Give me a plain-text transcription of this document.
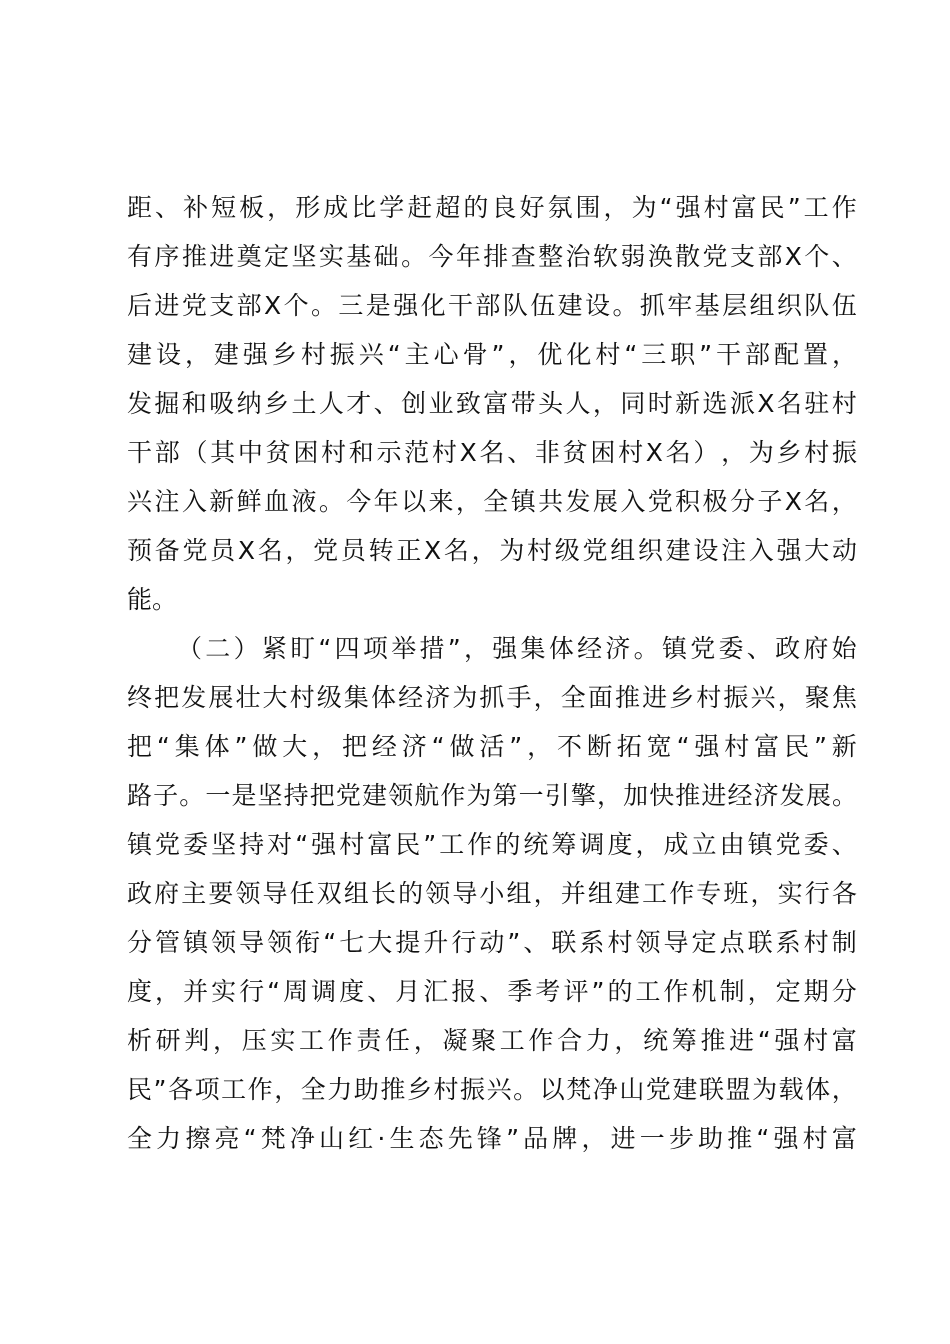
距 、 补 短 板 ， 形 成 比 学 赶 超 的 良 好 氛 围 ， 为 “ 强 村 富 民 ” 工 作
有 序 推 进 奠 定 坚 实 基 础 。 今 年 排 查 整 治 软 弱 涣 散 党 支 部 X 个 、
后 进 党 支 部 X 个 。 三 是 强 化 干 部 队 伍 建 设 。 抓 牢 基 层 组 织 队 伍
建 设 ， 建 强 乡 村 振 兴 “ 主 心 骨 ” ， 优 化 村 “ 三 职 ” 干 部 配 置 ，
发 掘 和 吸 纳 乡 土 人 才 、 创 业 致 富 带 头 人 ， 同 时 新 选 派 X 名 驻 村
干 部 （ 其 中 贫 困 村 和 示 范 村 X 名 、 非 贫 困 村 X 名 ） ， 为 乡 村 振
兴 注 入 新 鲜 血 液 。 今 年 以 来 ， 全 镇 共 发 展 入 党 积 极 分 子 X 名 ，
预 备 党 员 X 名 ， 党 员 转 正 X 名 ， 为 村 级 党 组 织 建 设 注 入 强 大 动
能。
（ 二 ） 紧 盯 “ 四 项 举 措 ” ， 强 集 体 经 济 。 镇 党 委 、 政 府 始
终 把 发 展 壮 大 村 级 集 体 经 济 为 抓 手 ， 全 面 推 进 乡 村 振 兴 ， 聚 焦
把 “ 集 体 ” 做 大 ， 把 经 济 “ 做 活 ” ， 不 断 拓 宽 “ 强 村 富 民 ” 新
路 子 。 一 是 坚 持 把 党 建 领 航 作 为 第 一 引 擎 ， 加 快 推 进 经 济 发 展 。
镇 党 委 坚 持 对 “ 强 村 富 民 ” 工 作 的 统 筹 调 度 ， 成 立 由 镇 党 委 、
政 府 主 要 领 导 任 双 组 长 的 领 导 小 组 ， 并 组 建 工 作 专 班 ， 实 行 各
分 管 镇 领 导 领 衔 “ 七 大 提 升 行 动 ” 、 联 系 村 领 导 定 点 联 系 村 制
度 ， 并 实 行 “ 周 调 度 、 月 汇 报 、 季 考 评 ” 的 工 作 机 制 ， 定 期 分
析 研 判 ， 压 实 工 作 责 任 ， 凝 聚 工 作 合 力 ， 统 筹 推 进 “ 强 村 富
民 ” 各 项 工 作 ， 全 力 助 推 乡 村 振 兴 。 以 梵 净 山 党 建 联 盟 为 载 体 ，
全 力 擦 亮 “ 梵 净 山 红 · 生 态 先 锋 ” 品 牌 ， 进 一 步 助 推 “ 强 村 富
